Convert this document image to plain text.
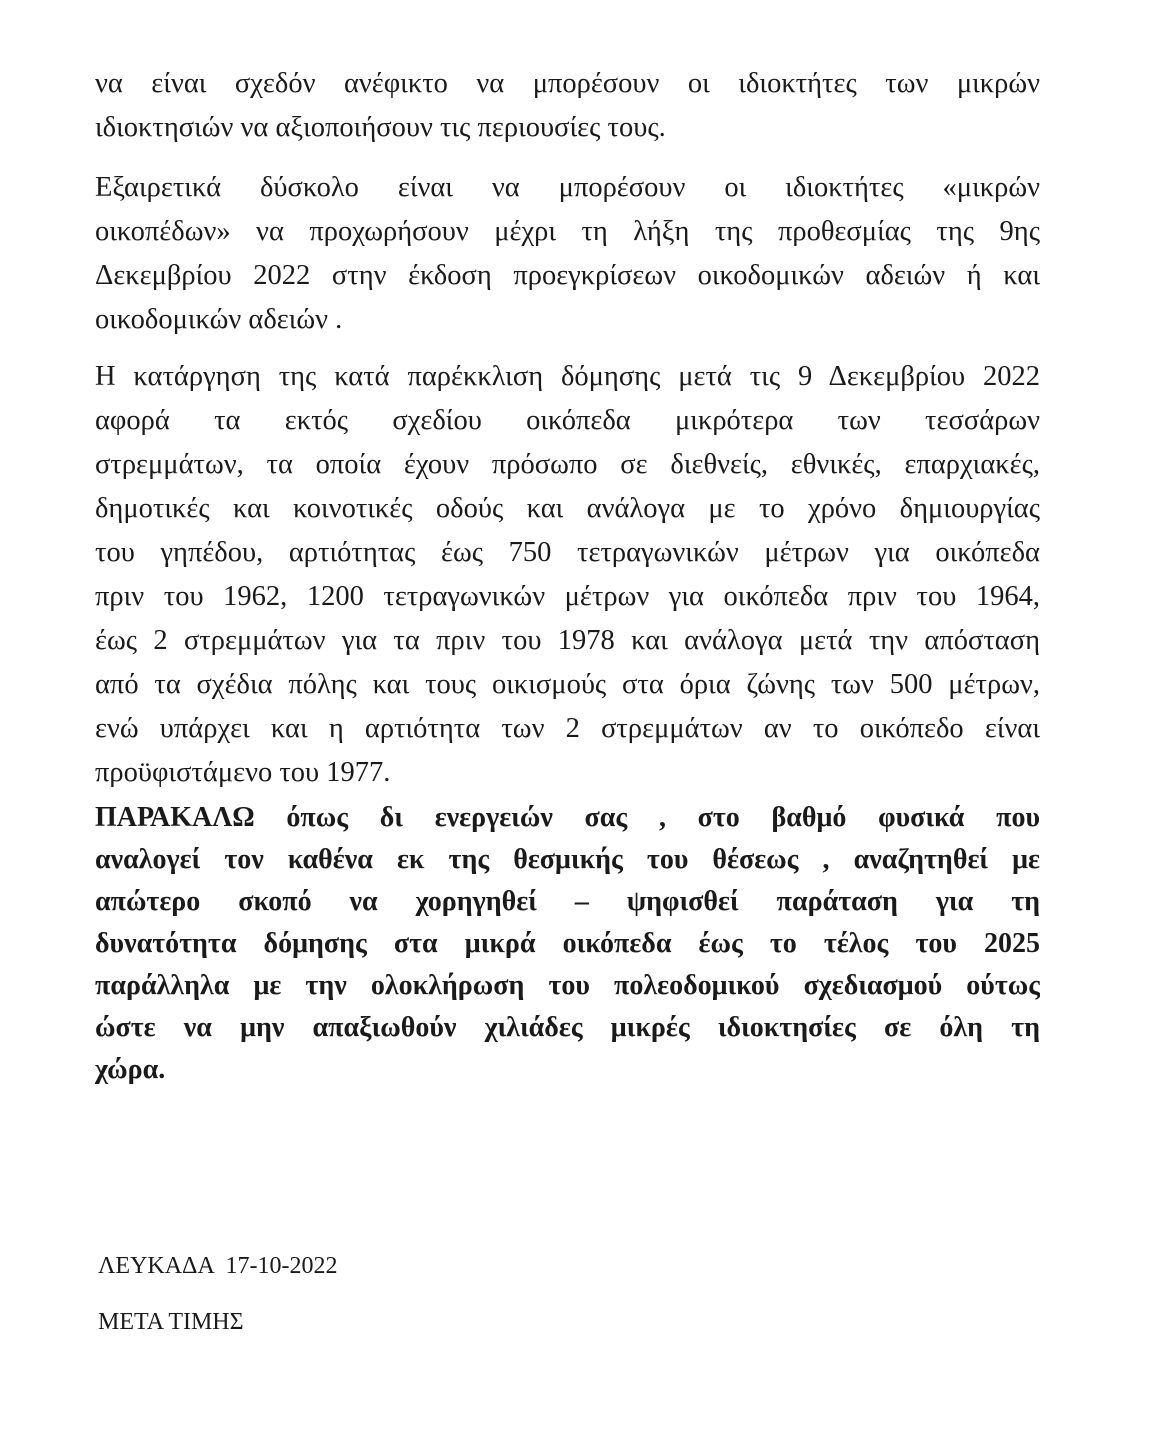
να είναι σχεδόν ανέφικτο να μπορέσουν οι ιδιοκτήτες των μικρών
ιδιοκτησιών να αξιοποιήσουν τις περιουσίες τους.
Εξαιρετικά δύσκολο είναι να μπορέσουν οι ιδιοκτήτες «μικρών
οικοπέδων» να προχωρήσουν μέχρι τη λήξη της προθεσμίας της 9ης
Δεκεμβρίου 2022 στην έκδοση προεγκρίσεων οικοδομικών αδειών ή και
οικοδομικών αδειών .
Η κατάργηση της κατά παρέκκλιση δόμησης μετά τις 9 Δεκεμβρίου 2022
αφορά τα εκτός σχεδίου οικόπεδα μικρότερα των τεσσάρων
στρεμμάτων, τα οποία έχουν πρόσωπο σε διεθνείς, εθνικές, επαρχιακές,
δημοτικές και κοινοτικές οδούς και ανάλογα με το χρόνο δημιουργίας
του γηπέδου, αρτιότητας έως 750 τετραγωνικών μέτρων για οικόπεδα
πριν του 1962, 1200 τετραγωνικών μέτρων για οικόπεδα πριν του 1964,
έως 2 στρεμμάτων για τα πριν του 1978 και ανάλογα μετά την απόσταση
από τα σχέδια πόλης και τους οικισμούς στα όρια ζώνης των 500 μέτρων,
ενώ υπάρχει και η αρτιότητα των 2 στρεμμάτων αν το οικόπεδο είναι
προϋφιστάμενο του 1977.
ΠΑΡΑΚΑΛΩ όπως δι ενεργειών σας , στο βαθμό φυσικά που
αναλογεί τον καθένα εκ της θεσμικής του θέσεως , αναζητηθεί με
απώτερο σκοπό να χορηγηθεί – ψηφισθεί παράταση για τη
δυνατότητα δόμησης στα μικρά οικόπεδα έως το τέλος του 2025
παράλληλα με την ολοκλήρωση του πολεοδομικού σχεδιασμού ούτως
ώστε να μην απαξιωθούν χιλιάδες μικρές ιδιοκτησίες σε όλη τη
χώρα.
ΛΕΥΚΑΔΑ  17-10-2022
ΜΕΤΑ ΤΙΜΗΣ
